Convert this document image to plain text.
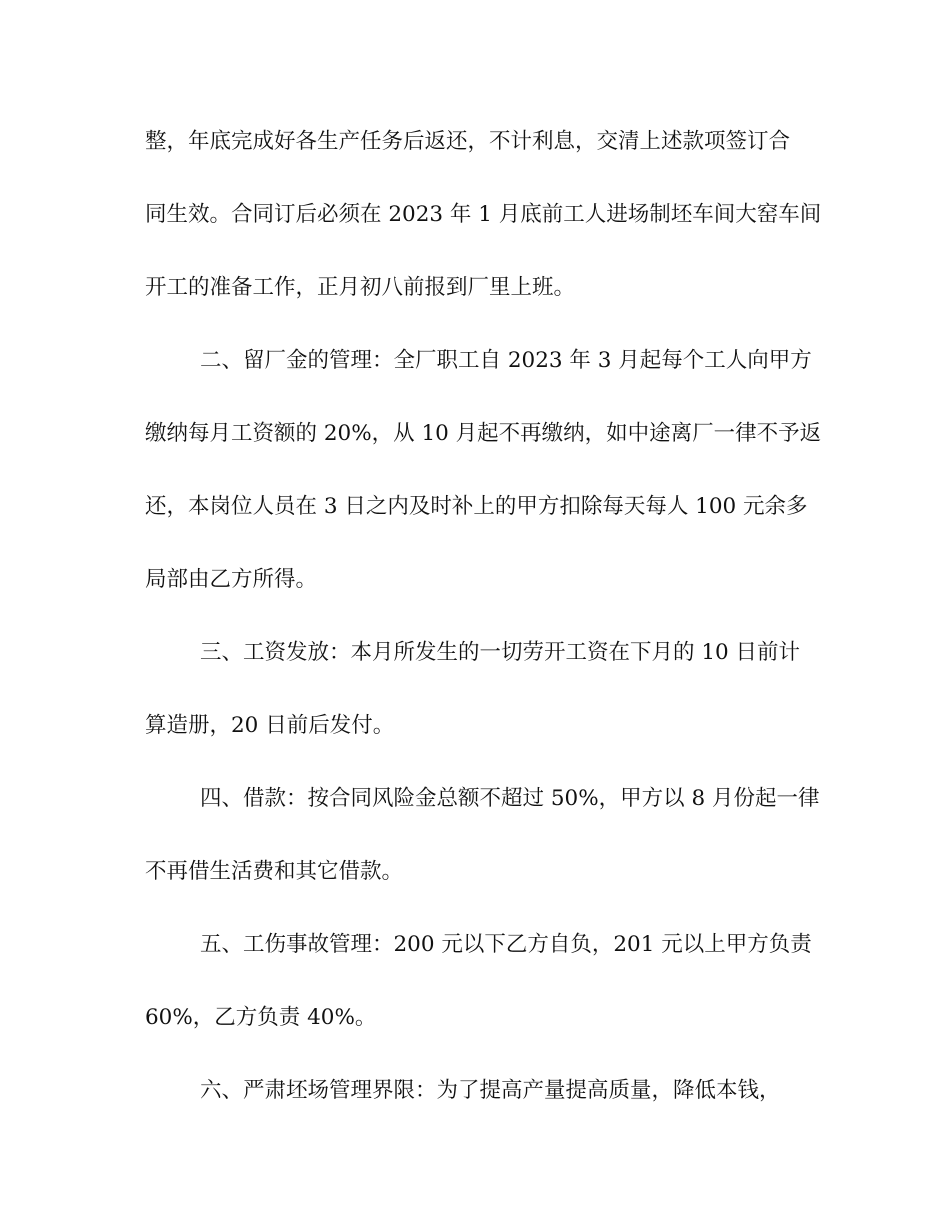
整，年底完成好各生产任务后返还，不计利息，交清上述款项签订合
同生效。合同订后必须在 2023 年 1 月底前工人进场制坯车间大窑车间
开工的准备工作，正月初八前报到厂里上班。
二、留厂金的管理：全厂职工自 2023 年 3 月起每个工人向甲方
缴纳每月工资额的 20%，从 10 月起不再缴纳，如中途离厂一律不予返
还，本岗位人员在 3 日之内及时补上的甲方扣除每天每人 100 元余多
局部由乙方所得。
三、工资发放：本月所发生的一切劳开工资在下月的 10 日前计
算造册，20 日前后发付。
四、借款：按合同风险金总额不超过 50%，甲方以 8 月份起一律
不再借生活费和其它借款。
五、工伤事故管理：200 元以下乙方自负，201 元以上甲方负责
60%，乙方负责 40%。
六、严肃坯场管理界限：为了提高产量提高质量，降低本钱，
